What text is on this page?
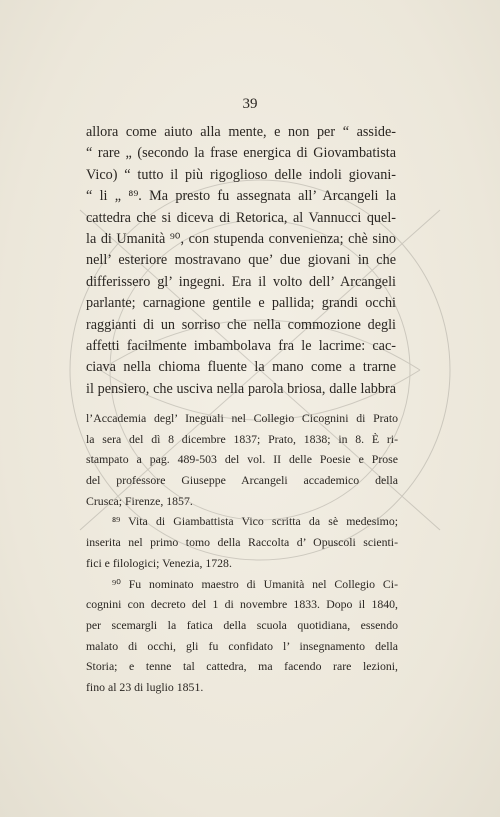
39
allora come aiuto alla mente, e non per “ asside-
“ rare „ (secondo la frase energica di Giovambatista
Vico) “ tutto il più rigoglioso delle indoli giovani-
“ li „ ⁸⁹. Ma presto fu assegnata all’ Arcangeli la
cattedra che si diceva di Retorica, al Vannucci quel-
la di Umanità ⁹⁰, con stupenda convenienza; chè sino
nell’ esteriore mostravano que’ due giovani in che
differissero gl’ ingegni. Era il volto dell’ Arcangeli
parlante; carnagione gentile e pallida; grandi occhi
raggianti di un sorriso che nella commozione degli
affetti facilmente imbambolava fra le lacrime: cac-
ciava nella chioma fluente la mano come a trarne
il pensiero, che usciva nella parola briosa, dalle labbra
l’Accademia degl’ Ineguali nel Collegio Cicognini di Prato
la sera del dì 8 dicembre 1837; Prato, 1838; in 8. È ri-
stampato a pag. 489-503 del vol. II delle Poesie e Prose
del professore Giuseppe Arcangeli accademico della
Crusca; Firenze, 1857.
⁸⁹ Vita di Giambattista Vico scritta da sè medesimo;
inserita nel primo tomo della Raccolta d’ Opuscoli scienti-
fici e filologici; Venezia, 1728.
⁹⁰ Fu nominato maestro di Umanità nel Collegio Ci-
cognini con decreto del 1 di novembre 1833. Dopo il 1840,
per scemargli la fatica della scuola quotidiana, essendo
malato di occhi, gli fu confidato l’ insegnamento della
Storia; e tenne tal cattedra, ma facendo rare lezioni,
fino al 23 di luglio 1851.
